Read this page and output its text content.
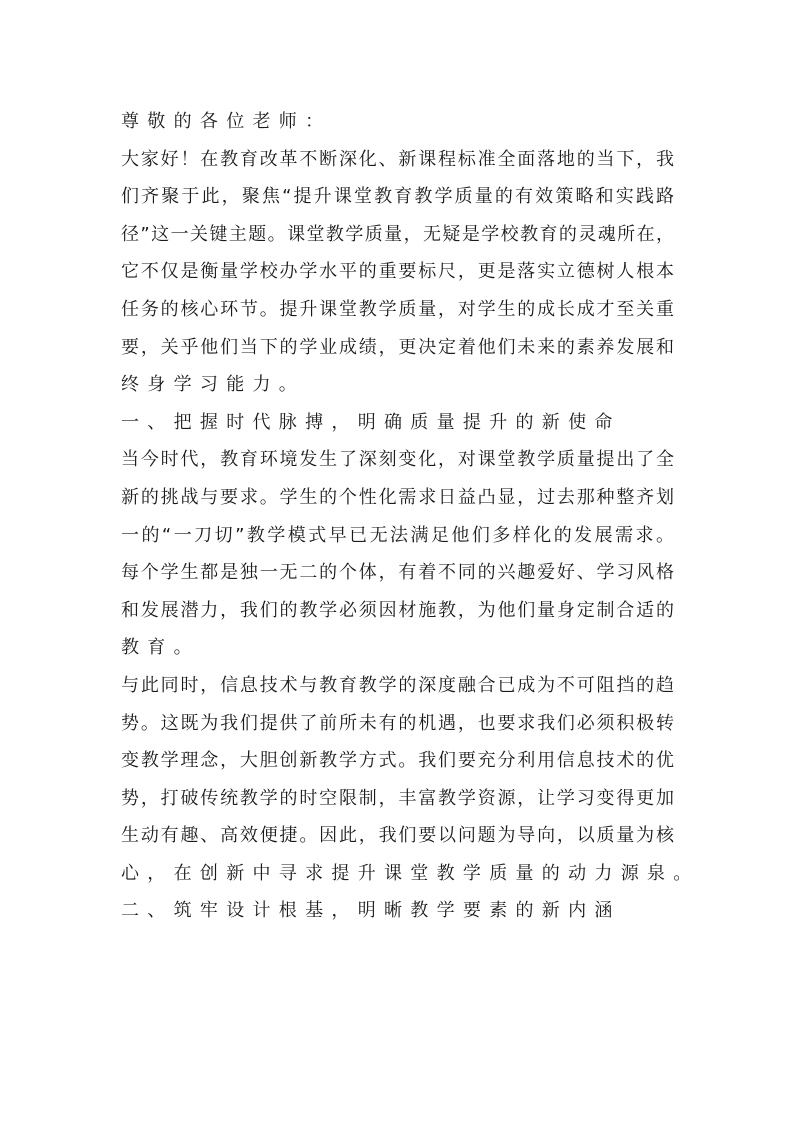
尊敬的各位老师：
大家好！在教育改革不断深化、新课程标准全面落地的当下，我
们齐聚于此，聚焦“提升课堂教育教学质量的有效策略和实践路
径”这一关键主题。课堂教学质量，无疑是学校教育的灵魂所在，
它不仅是衡量学校办学水平的重要标尺，更是落实立德树人根本
任务的核心环节。提升课堂教学质量，对学生的成长成才至关重
要，关乎他们当下的学业成绩，更决定着他们未来的素养发展和
终身学习能力。
一、把握时代脉搏，明确质量提升的新使命
当今时代，教育环境发生了深刻变化，对课堂教学质量提出了全
新的挑战与要求。学生的个性化需求日益凸显，过去那种整齐划
一的“一刀切”教学模式早已无法满足他们多样化的发展需求。
每个学生都是独一无二的个体，有着不同的兴趣爱好、学习风格
和发展潜力，我们的教学必须因材施教，为他们量身定制合适的
教育。
与此同时，信息技术与教育教学的深度融合已成为不可阻挡的趋
势。这既为我们提供了前所未有的机遇，也要求我们必须积极转
变教学理念，大胆创新教学方式。我们要充分利用信息技术的优
势，打破传统教学的时空限制，丰富教学资源，让学习变得更加
生动有趣、高效便捷。因此，我们要以问题为导向，以质量为核
心，在创新中寻求提升课堂教学质量的动力源泉。
二、筑牢设计根基，明晰教学要素的新内涵
